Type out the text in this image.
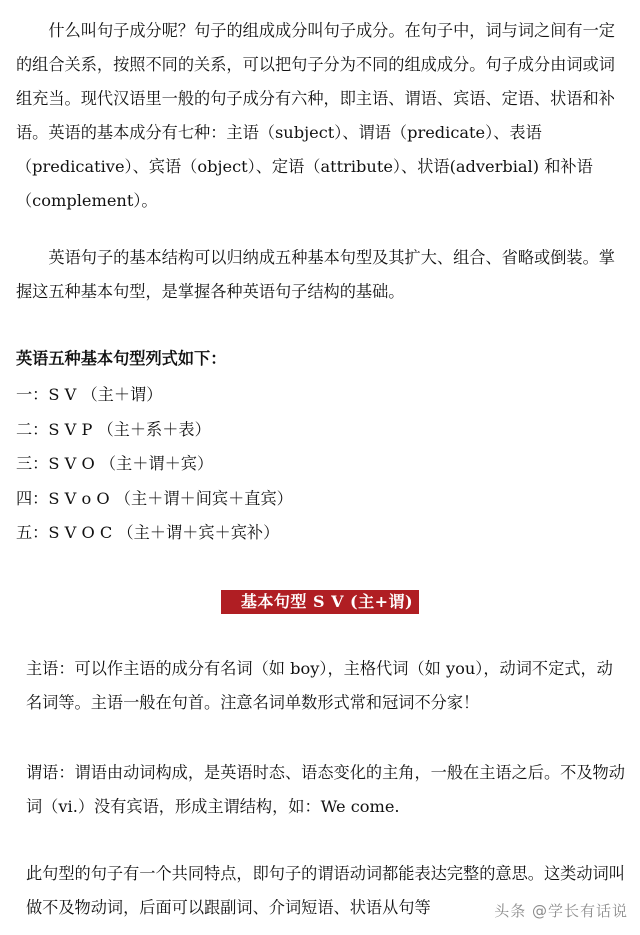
什么叫句子成分呢？句子的组成成分叫句子成分。在句子中，词与词之间有一定的组合关系，按照不同的关系，可以把句子分为不同的组成成分。句子成分由词或词组充当。现代汉语里一般的句子成分有六种，即主语、谓语、宾语、定语、状语和补语。英语的基本成分有七种：主语（subject）、谓语（predicate）、表语（predicative）、宾语（object）、定语（attribute）、状语(adverbial) 和补语（complement）。

英语句子的基本结构可以归纳成五种基本句型及其扩大、组合、省略或倒装。掌握这五种基本句型，是掌握各种英语句子结构的基础。

英语五种基本句型列式如下：
一：S V （主＋谓）
二：S V P （主＋系＋表）
三：S V O （主＋谓＋宾）
四：S V o O （主＋谓＋间宾＋直宾）
五：S V O C （主＋谓＋宾＋宾补）
基本句型 S V (主+谓)

主语：可以作主语的成分有名词（如 boy），主格代词（如 you），动词不定式，动名词等。主语一般在句首。注意名词单数形式常和冠词不分家！

谓语：谓语由动词构成，是英语时态、语态变化的主角，一般在主语之后。不及物动词（vi.）没有宾语，形成主谓结构，如：We come.

此句型的句子有一个共同特点，即句子的谓语动词都能表达完整的意思。这类动词叫做不及物动词，后面可以跟副词、介词短语、状语从句等	头条 @学长有话说
